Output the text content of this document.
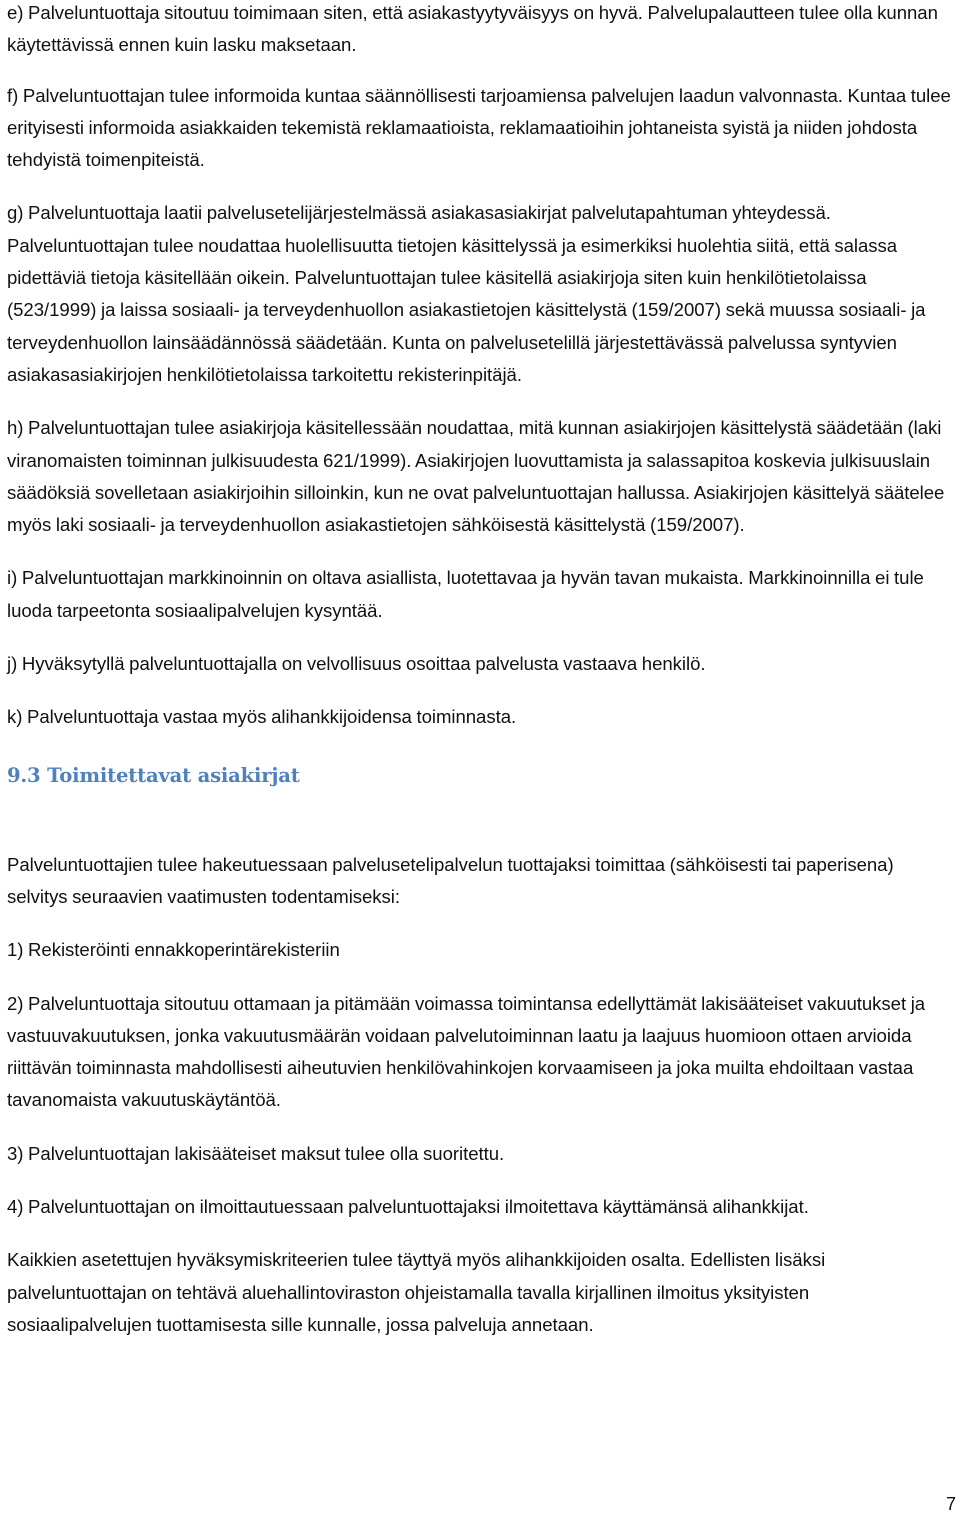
e) Palveluntuottaja sitoutuu toimimaan siten, että asiakastyytyväisyys on hyvä. Palvelupalautteen tulee olla kunnan käytettävissä ennen kuin lasku maksetaan.

f) Palveluntuottajan tulee informoida kuntaa säännöllisesti tarjoamiensa palvelujen laadun valvonnasta. Kuntaa tulee erityisesti informoida asiakkaiden tekemistä reklamaatioista, reklamaatioihin johtaneista syistä ja niiden johdosta tehdyistä toimenpiteistä.

g) Palveluntuottaja laatii palvelusetelijärjestelmässä asiakasasiakirjat palvelutapahtuman yhteydessä. Palveluntuottajan tulee noudattaa huolellisuutta tietojen käsittelyssä ja esimerkiksi huolehtia siitä, että salassa pidettäviä tietoja käsitellään oikein. Palveluntuottajan tulee käsitellä asiakirjoja siten kuin henkilötietolaissa (523/1999) ja laissa sosiaali- ja terveydenhuollon asiakastietojen käsittelystä (159/2007) sekä muussa sosiaali- ja terveydenhuollon lainsäädännössä säädetään. Kunta on palvelusetelillä järjestettävässä palvelussa syntyvien asiakasasiakirjojen henkilötietolaissa tarkoitettu rekisterinpitäjä.

h) Palveluntuottajan tulee asiakirjoja käsitellessään noudattaa, mitä kunnan asiakirjojen käsittelystä säädetään (laki viranomaisten toiminnan julkisuudesta 621/1999). Asiakirjojen luovuttamista ja salassapitoa koskevia julkisuuslain säädöksiä sovelletaan asiakirjoihin silloinkin, kun ne ovat palveluntuottajan hallussa. Asiakirjojen käsittelyä säätelee myös laki sosiaali- ja terveydenhuollon asiakastietojen sähköisestä käsittelystä (159/2007).

i) Palveluntuottajan markkinoinnin on oltava asiallista, luotettavaa ja hyvän tavan mukaista. Markkinoinnilla ei tule luoda tarpeetonta sosiaalipalvelujen kysyntää.

j) Hyväksytyllä palveluntuottajalla on velvollisuus osoittaa palvelusta vastaava henkilö.

k) Palveluntuottaja vastaa myös alihankkijoidensa toiminnasta.

9.3 Toimitettavat asiakirjat

Palveluntuottajien tulee hakeutuessaan palvelusetelipalvelun tuottajaksi toimittaa (sähköisesti tai paperisena) selvitys seuraavien vaatimusten todentamiseksi:

1) Rekisteröinti ennakkoperintärekisteriin

2) Palveluntuottaja sitoutuu ottamaan ja pitämään voimassa toimintansa edellyttämät lakisääteiset vakuutukset ja vastuuvakuutuksen, jonka vakuutusmäärän voidaan palvelutoiminnan laatu ja laajuus huomioon ottaen arvioida riittävän toiminnasta mahdollisesti aiheutuvien henkilövahinkojen korvaamiseen ja joka muilta ehdoiltaan vastaa tavanomaista vakuutuskäytäntöä.

3) Palveluntuottajan lakisääteiset maksut tulee olla suoritettu.

4) Palveluntuottajan on ilmoittautuessaan palveluntuottajaksi ilmoitettava käyttämänsä alihankkijat.

Kaikkien asetettujen hyväksymiskriteerien tulee täyttyä myös alihankkijoiden osalta. Edellisten lisäksi palveluntuottajan on tehtävä aluehallintoviraston ohjeistamalla tavalla kirjallinen ilmoitus yksityisten sosiaalipalvelujen tuottamisesta sille kunnalle, jossa palveluja annetaan.

7
